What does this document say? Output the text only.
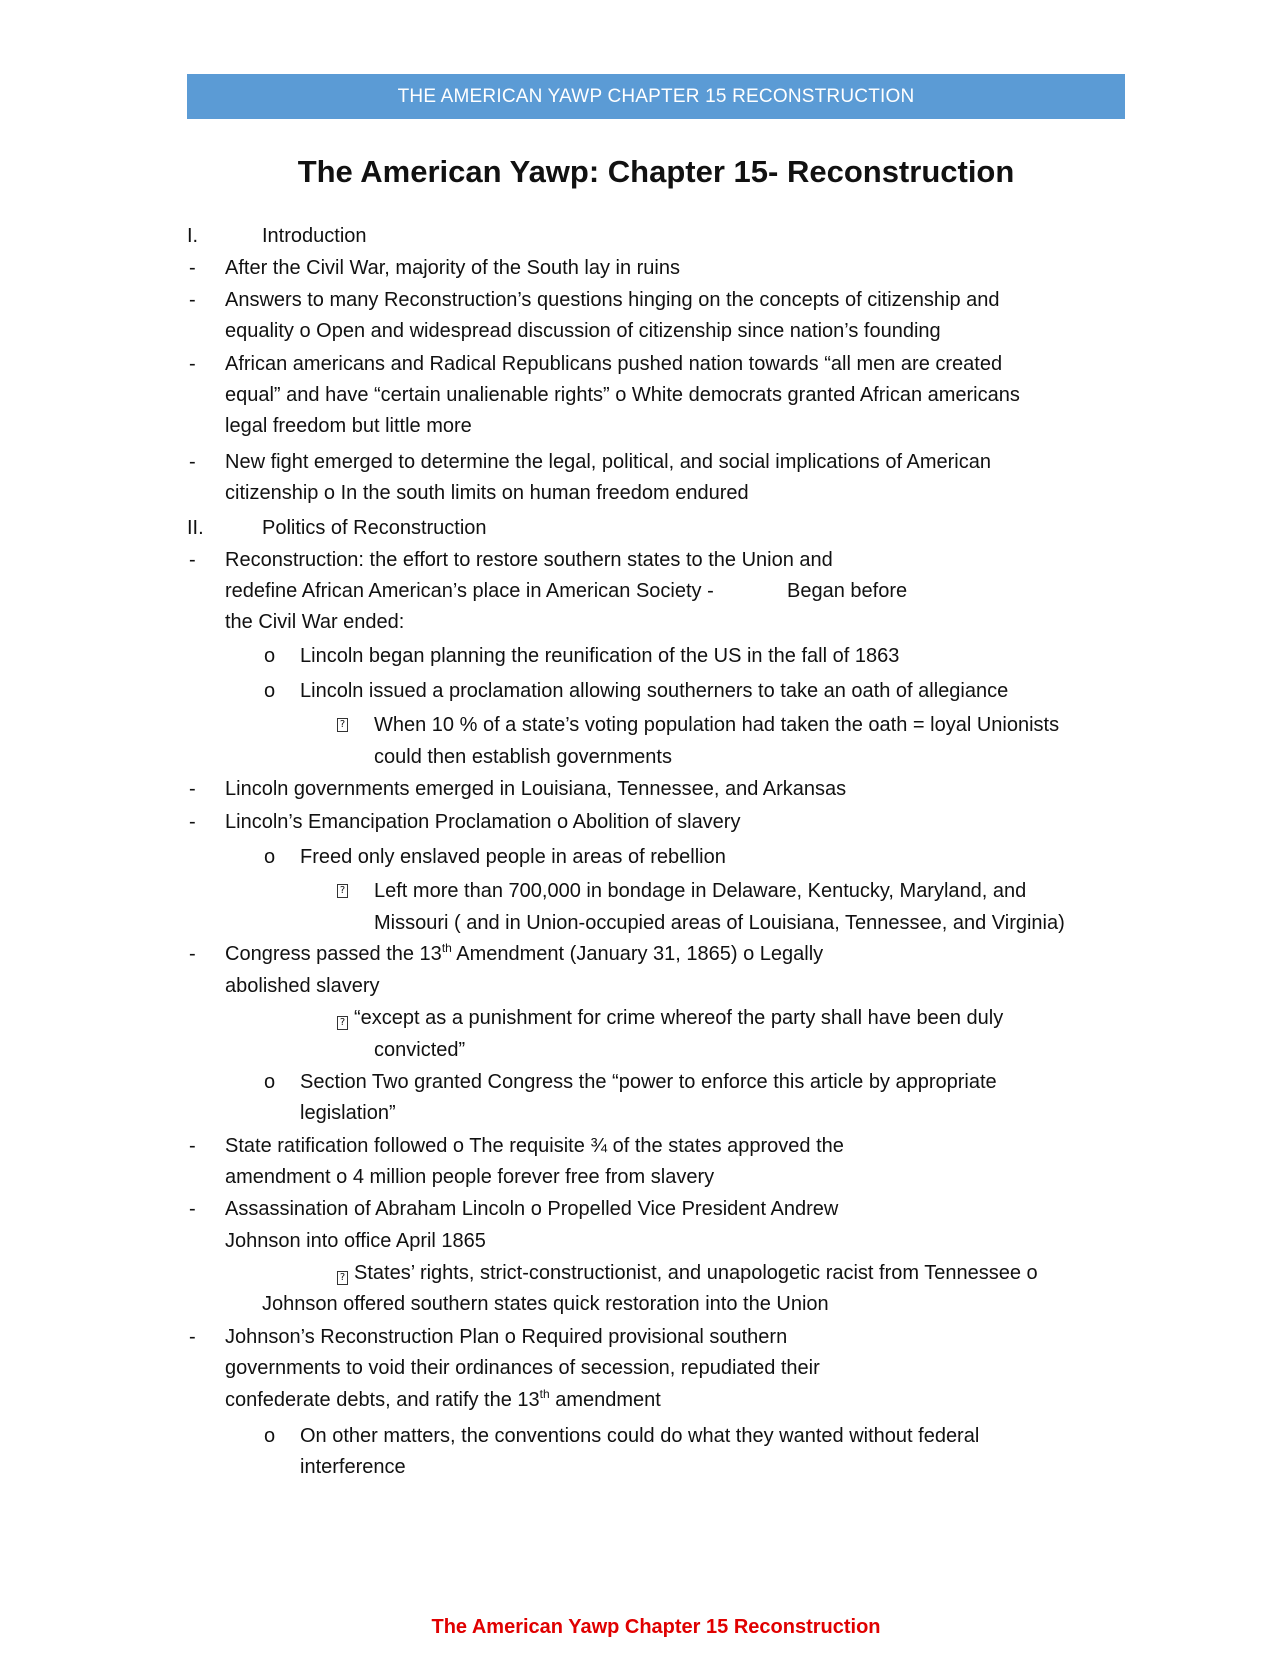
THE AMERICAN YAWP CHAPTER 15 RECONSTRUCTION
The American Yawp: Chapter 15- Reconstruction
I.	Introduction
- After the Civil War, majority of the South lay in ruins
- Answers to many Reconstruction’s questions hinging on the concepts of citizenship and
equality o Open and widespread discussion of citizenship since nation’s founding
- African americans and Radical Republicans pushed nation towards “all men are created
equal” and have “certain unalienable rights” o White democrats granted African americans
legal freedom but little more
- New fight emerged to determine the legal, political, and social implications of American
citizenship o In the south limits on human freedom endured
II.	Politics of Reconstruction
- Reconstruction: the effort to restore southern states to the Union and
redefine African American’s place in American Society -	Began before
the Civil War ended:
o Lincoln began planning the reunification of the US in the fall of 1863
o Lincoln issued a proclamation allowing southerners to take an oath of allegiance
? When 10 % of a state’s voting population had taken the oath = loyal Unionists
could then establish governments
- Lincoln governments emerged in Louisiana, Tennessee, and Arkansas
- Lincoln’s Emancipation Proclamation o Abolition of slavery
o Freed only enslaved people in areas of rebellion
? Left more than 700,000 in bondage in Delaware, Kentucky, Maryland, and
Missouri ( and in Union-occupied areas of Louisiana, Tennessee, and Virginia)
- Congress passed the 13th Amendment (January 31, 1865) o Legally
abolished slavery
? “except as a punishment for crime whereof the party shall have been duly
convicted”
o Section Two granted Congress the “power to enforce this article by appropriate
legislation”
- State ratification followed o The requisite ¾ of the states approved the
amendment o 4 million people forever free from slavery
- Assassination of Abraham Lincoln o Propelled Vice President Andrew
Johnson into office April 1865
? States’ rights, strict-constructionist, and unapologetic racist from Tennessee o
Johnson offered southern states quick restoration into the Union
- Johnson’s Reconstruction Plan o Required provisional southern
governments to void their ordinances of secession, repudiated their
confederate debts, and ratify the 13th amendment
o On other matters, the conventions could do what they wanted without federal
interference
The American Yawp Chapter 15 Reconstruction
